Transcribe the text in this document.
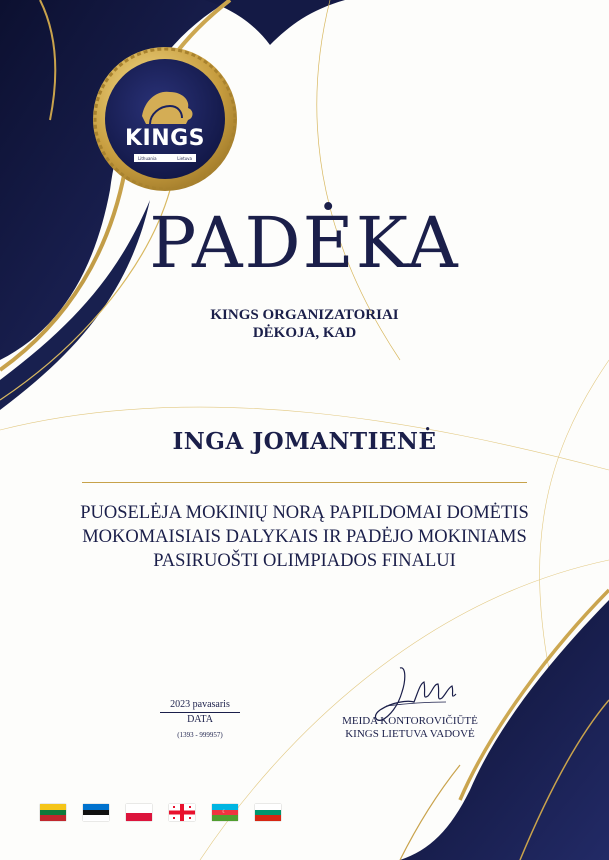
KINGS
Lithuania	Lietuva
PADĖKA
KINGS ORGANIZATORIAI
DĖKOJA, KAD
INGA JOMANTIENĖ
PUOSELĖJA MOKINIŲ NORĄ PAPILDOMAI DOMĖTIS
MOKOMAISIAIS DALYKAIS IR PADĖJO MOKINIAMS
PASIRUOŠTI OLIMPIADOS FINALUI
2023 pavasaris
DATA
(1393 - 999957)
MEIDA KONTOROVIČIŪTĖ
KINGS LIETUVA VADOVĖ
☾
